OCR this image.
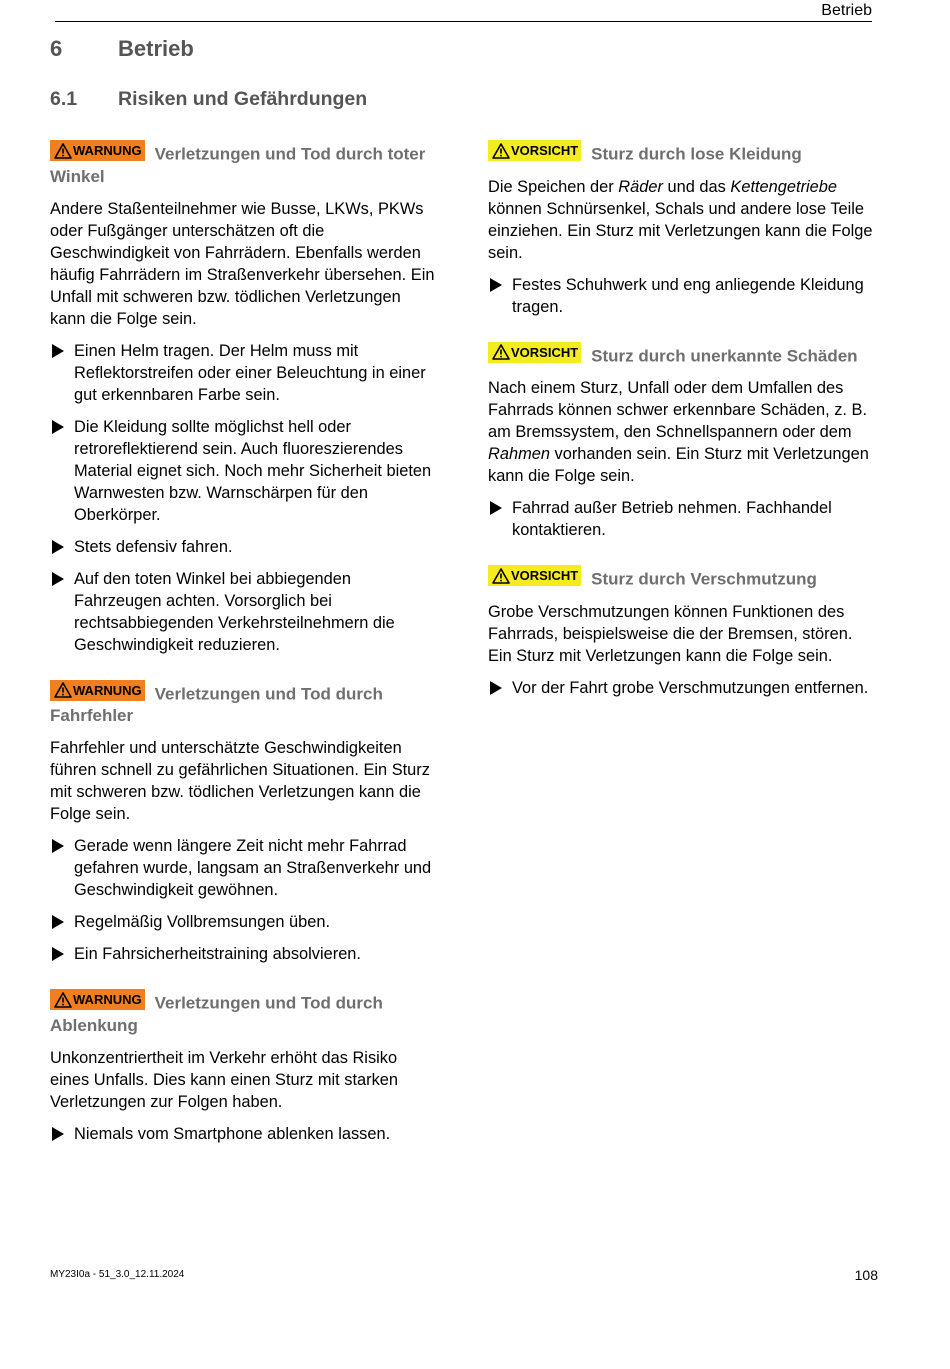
Betrieb
6	Betrieb
6.1 Risiken und Gefährdungen
WARNUNG Verletzungen und Tod durch toter Winkel
Andere Staßenteilnehmer wie Busse, LKWs, PKWs oder Fußgänger unterschätzen oft die Geschwindigkeit von Fahrrädern. Ebenfalls werden häufig Fahrrädern im Straßenverkehr übersehen. Ein Unfall mit schweren bzw. tödlichen Verletzungen kann die Folge sein.
Einen Helm tragen. Der Helm muss mit Reflektorstreifen oder einer Beleuchtung in einer gut erkennbaren Farbe sein.
Die Kleidung sollte möglichst hell oder retroreflektierend sein. Auch fluoreszierendes Material eignet sich. Noch mehr Sicherheit bieten Warnwesten bzw. Warnschärpen für den Oberkörper.
Stets defensiv fahren.
Auf den toten Winkel bei abbiegenden Fahrzeugen achten. Vorsorglich bei rechtsabbiegenden Verkehrsteilnehmern die Geschwindigkeit reduzieren.
WARNUNG Verletzungen und Tod durch Fahrfehler
Fahrfehler und unterschätzte Geschwindigkeiten führen schnell zu gefährlichen Situationen. Ein Sturz mit schweren bzw. tödlichen Verletzungen kann die Folge sein.
Gerade wenn längere Zeit nicht mehr Fahrrad gefahren wurde, langsam an Straßenverkehr und Geschwindigkeit gewöhnen.
Regelmäßig Vollbremsungen üben.
Ein Fahrsicherheitstraining absolvieren.
WARNUNG Verletzungen und Tod durch Ablenkung
Unkonzentriertheit im Verkehr erhöht das Risiko eines Unfalls. Dies kann einen Sturz mit starken Verletzungen zur Folgen haben.
Niemals vom Smartphone ablenken lassen.
VORSICHT Sturz durch lose Kleidung
Die Speichen der Räder und das Kettengetriebe können Schnürsenkel, Schals und andere lose Teile einziehen. Ein Sturz mit Verletzungen kann die Folge sein.
Festes Schuhwerk und eng anliegende Kleidung tragen.
VORSICHT Sturz durch unerkannte Schäden
Nach einem Sturz, Unfall oder dem Umfallen des Fahrrads können schwer erkennbare Schäden, z. B. am Bremssystem, den Schnellspannern oder dem Rahmen vorhanden sein. Ein Sturz mit Verletzungen kann die Folge sein.
Fahrrad außer Betrieb nehmen. Fachhandel kontaktieren.
VORSICHT Sturz durch Verschmutzung
Grobe Verschmutzungen können Funktionen des Fahrrads, beispielsweise die der Bremsen, stören. Ein Sturz mit Verletzungen kann die Folge sein.
Vor der Fahrt grobe Verschmutzungen entfernen.
MY23I0a - 51_3.0_12.11.2024	108
